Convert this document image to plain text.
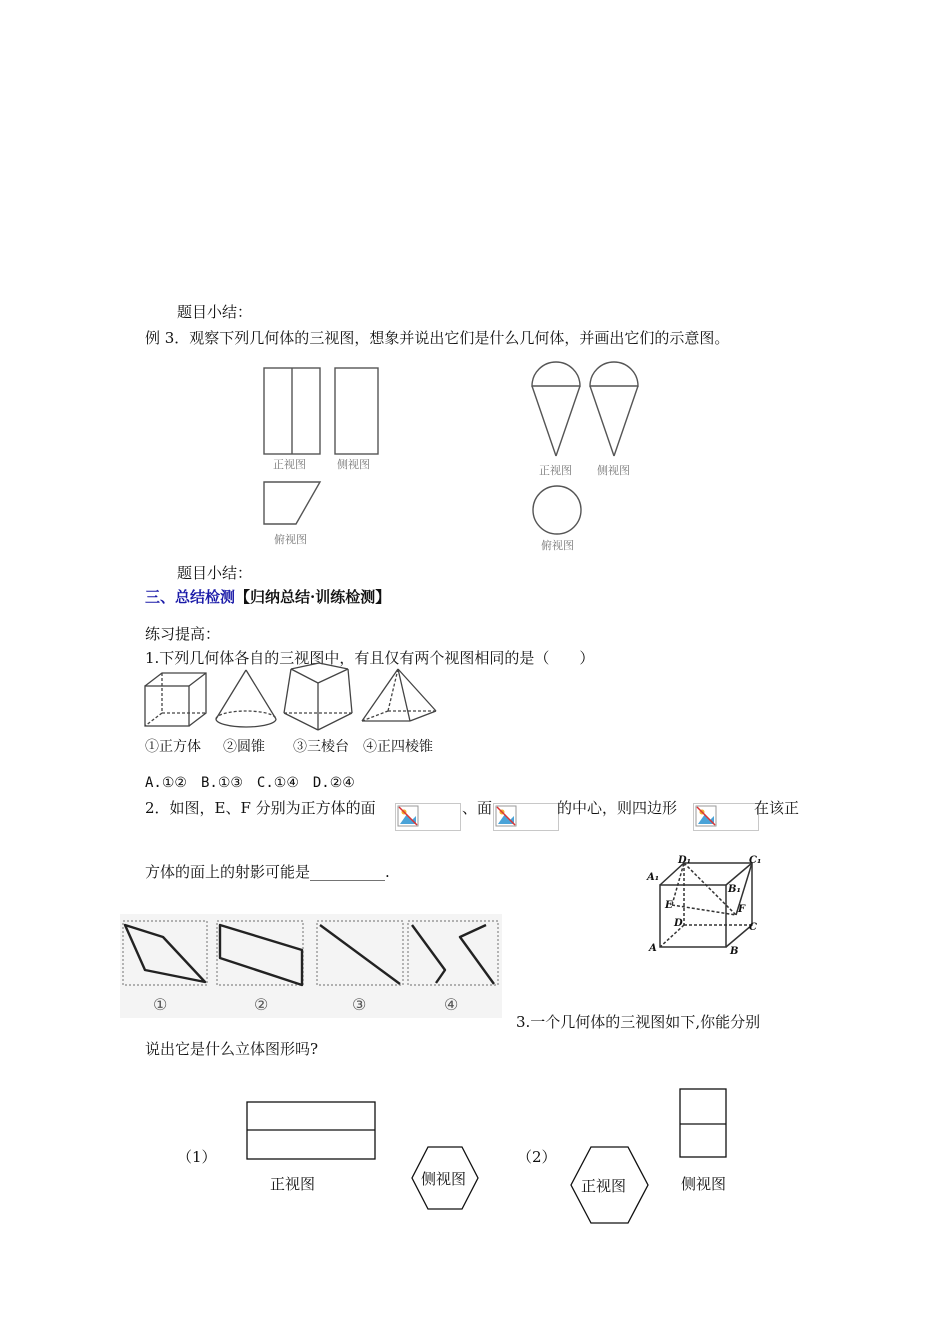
题目小结：
例 3．观察下列几何体的三视图，想象并说出它们是什么几何体，并画出它们的示意图。
正视图	侧视图
俯视图
正视图 侧视图
俯视图
题目小结：
三、总结检测【归纳总结·训练检测】
练习提高：
1.下列几何体各自的三视图中，有且仅有两个视图相同的是（　　）
①正方体 ②圆锥 ③三棱台 ④正四棱锥
A.①②　B.①③　C.①④　D.②④
2．如图，E、F 分别为正方体的面	、面	的中心，则四边形	在该正
方体的面上的射影可能是__________.
D₁	C₁
A₁
B₁
E	F
D	C
A	B
①	②	③	④
3.一个几何体的三视图如下,你能分别
说出它是什么立体图形吗?
（1）
正视图	侧视图
（2）
正视图	侧视图
